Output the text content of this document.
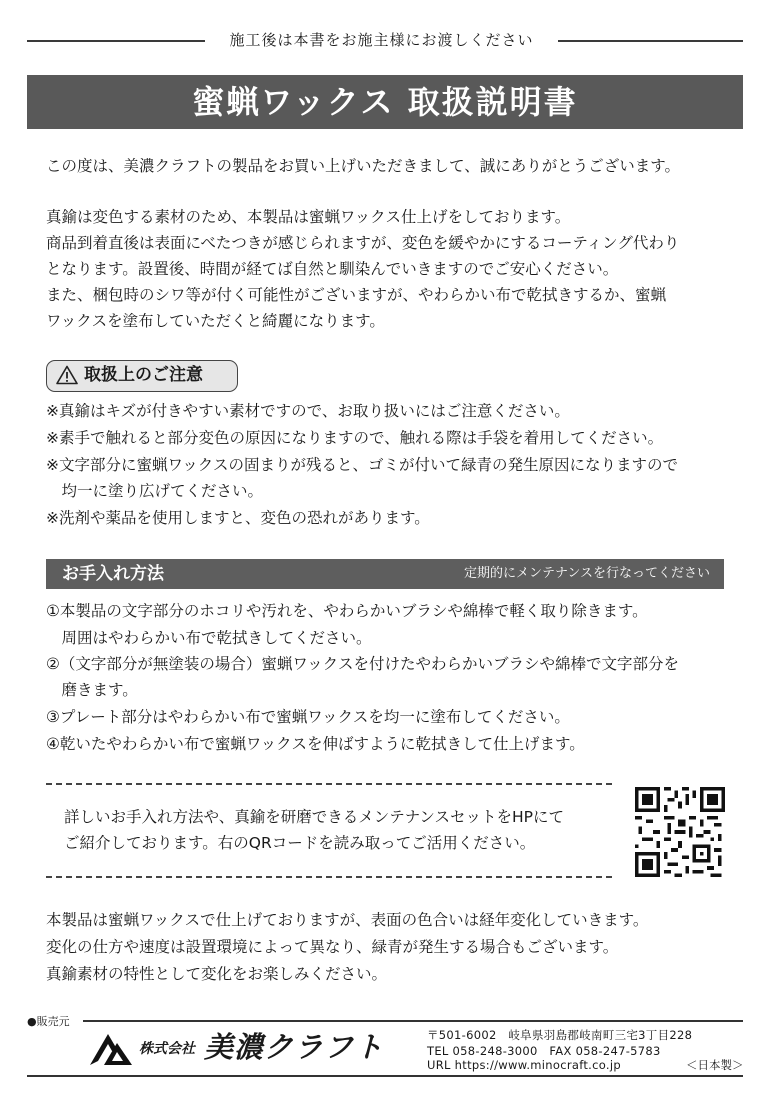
施工後は本書をお施主様にお渡しください
蜜蝋ワックス 取扱説明書
この度は、美濃クラフトの製品をお買い上げいただきまして、誠にありがとうございます。
真鍮は変色する素材のため、本製品は蜜蝋ワックス仕上げをしております。
商品到着直後は表面にべたつきが感じられますが、変色を緩やかにするコーティング代わり
となります。設置後、時間が経てば自然と馴染んでいきますのでご安心ください。
また、梱包時のシワ等が付く可能性がございますが、やわらかい布で乾拭きするか、蜜蝋
ワックスを塗布していただくと綺麗になります。
取扱上のご注意
※真鍮はキズが付きやすい素材ですので、お取り扱いにはご注意ください。
※素手で触れると部分変色の原因になりますので、触れる際は手袋を着用してください。
※文字部分に蜜蝋ワックスの固まりが残ると、ゴミが付いて緑青の発生原因になりますので
　均一に塗り広げてください。
※洗剤や薬品を使用しますと、変色の恐れがあります。
お手入れ方法	定期的にメンテナンスを行なってください
①本製品の文字部分のホコリや汚れを、やわらかいブラシや綿棒で軽く取り除きます。
　周囲はやわらかい布で乾拭きしてください。
②（文字部分が無塗装の場合）蜜蝋ワックスを付けたやわらかいブラシや綿棒で文字部分を
　磨きます。
③プレート部分はやわらかい布で蜜蝋ワックスを均一に塗布してください。
④乾いたやわらかい布で蜜蝋ワックスを伸ばすように乾拭きして仕上げます。
詳しいお手入れ方法や、真鍮を研磨できるメンテナンスセットをHPにて
ご紹介しております。右のQRコードを読み取ってご活用ください。
本製品は蜜蝋ワックスで仕上げておりますが、表面の色合いは経年変化していきます。
変化の仕方や速度は設置環境によって異なり、緑青が発生する場合もございます。
真鍮素材の特性として変化をお楽しみください。
●販売元
株式会社 美濃クラフト	〒501-6002　岐阜県羽島郡岐南町三宅3丁目228
TEL 058-248-3000　FAX 058-247-5783
URL https://www.minocraft.co.jp	＜日本製＞
